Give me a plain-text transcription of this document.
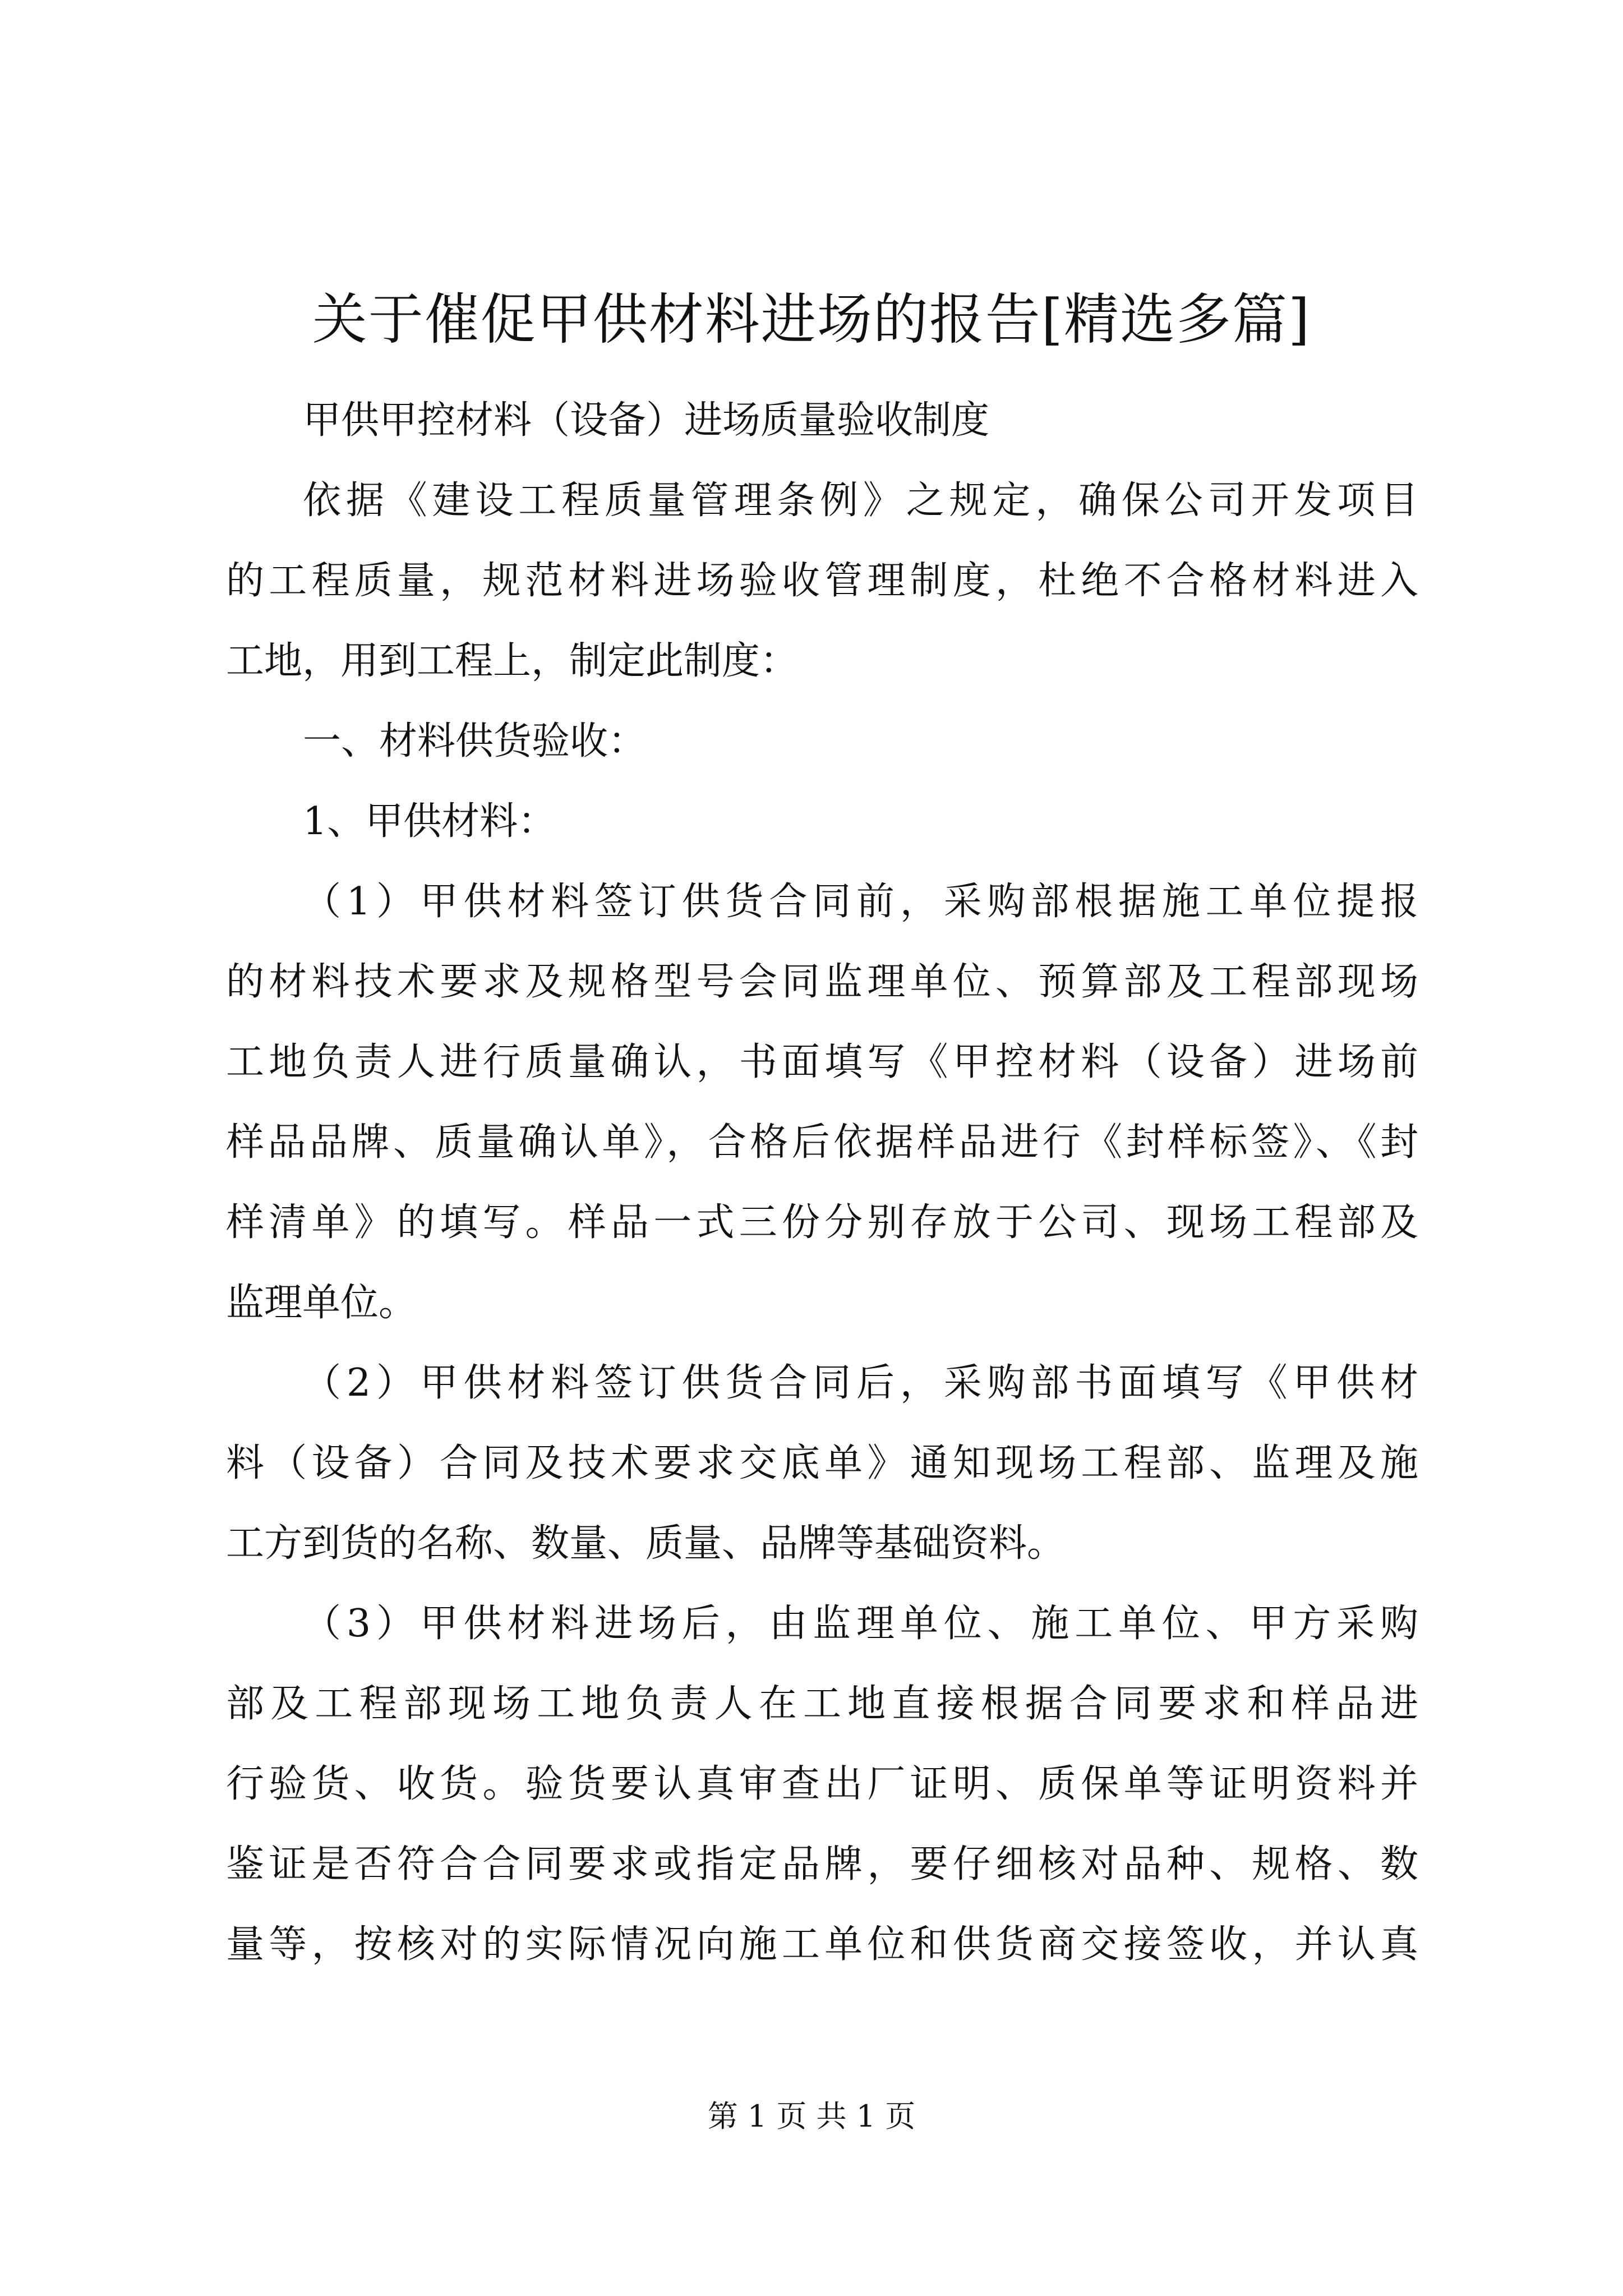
关于催促甲供材料进场的报告[精选多篇]
甲供甲控材料（设备）进场质量验收制度
依据《建设工程质量管理条例》之规定，确保公司开发项目
的工程质量，规范材料进场验收管理制度，杜绝不合格材料进入
工地，用到工程上，制定此制度：
一、材料供货验收：
1、甲供材料：
（1）甲供材料签订供货合同前，采购部根据施工单位提报
的材料技术要求及规格型号会同监理单位、预算部及工程部现场
工地负责人进行质量确认，书面填写《甲控材料（设备）进场前
样品品牌、质量确认单》，合格后依据样品进行《封样标签》、《封
样清单》的填写。样品一式三份分别存放于公司、现场工程部及
监理单位。
（2）甲供材料签订供货合同后，采购部书面填写《甲供材
料（设备）合同及技术要求交底单》通知现场工程部、监理及施
工方到货的名称、数量、质量、品牌等基础资料。
（3）甲供材料进场后，由监理单位、施工单位、甲方采购
部及工程部现场工地负责人在工地直接根据合同要求和样品进
行验货、收货。验货要认真审查出厂证明、质保单等证明资料并
鉴证是否符合合同要求或指定品牌，要仔细核对品种、规格、数
量等，按核对的实际情况向施工单位和供货商交接签收，并认真
第 1 页 共 1 页
